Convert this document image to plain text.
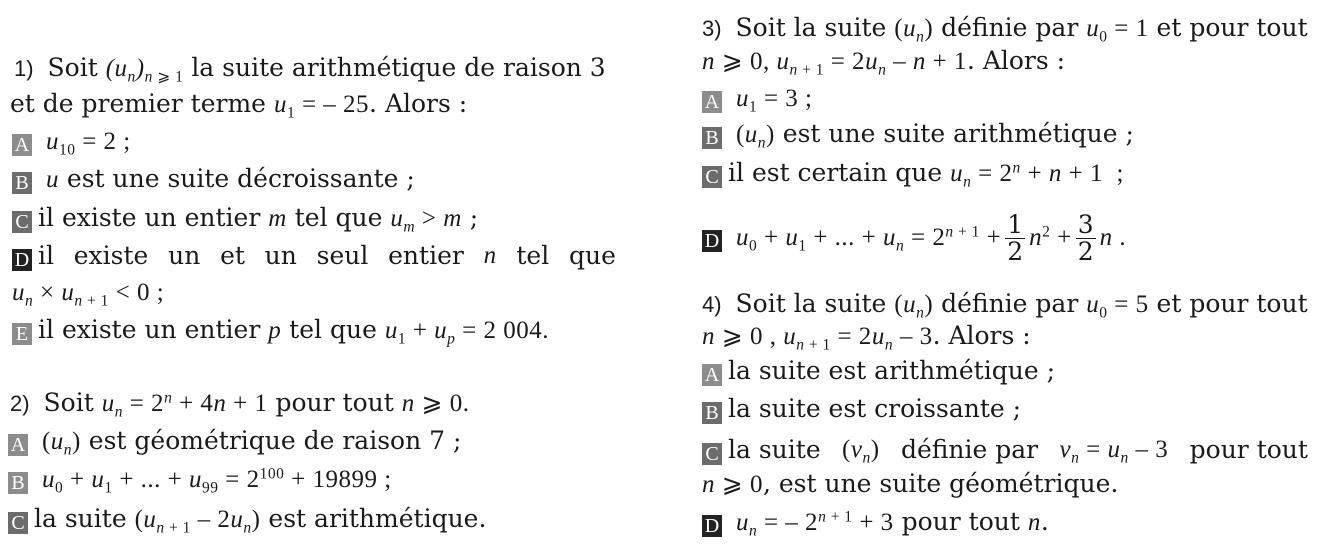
1) Soit $(u_n)_{n ⩾ 1}$ la suite arithmétique de raison 3
et de premier terme $u_1$ = – 25. Alors :
A $u_{10} = 2$ ;
B u est une suite décroissante ;
C il existe un entier m tel que $u_m > m$ ;
D il existe un et un seul entier n tel que
$u_n \times u_{n + 1} < 0$ ;
E il existe un entier p tel que $u_1 + u_p = 2$ 004.
2) Soit $u_n = 2^n + 4n + 1$ pour tout n ⩾ 0.
A $(u_n)$ est géométrique de raison 7 ;
B $u_0 + u_1$ + ... + $u_{99} = 2^{100} + 19899$ ;
C la suite $(u_{n + 1} - 2u_n)$ est arithmétique.
3) Soit la suite $(u_n)$ définie par $u_0 = 1$ et pour tout
n ⩾ 0, $u_{n + 1} = 2u_n - n + 1$. Alors :
A $u_1 = 3$ ;
B $(u_n)$ est une suite arithmétique ;
C il est certain que $u_n = 2^n + n + 1$  ;
D $u_0 + u_1$ + ... + $u_n = 2^{n + 1} + \frac{1}{2} n^2 + \frac{3}{2}$ n .
4) Soit la suite $(u_n)$ définie par $u_0 = 5$ et pour tout
n ⩾ 0 , $u_{n + 1} = 2u_n - 3$. Alors :
A la suite est arithmétique ;
B la suite est croissante ;
C la suite $(v_n)$ définie par $v_n = u_n - 3$ pour tout
n ⩾ 0, est une suite géométrique.
D $u_n$ = – $2^{n + 1} + 3$ pour tout n.
